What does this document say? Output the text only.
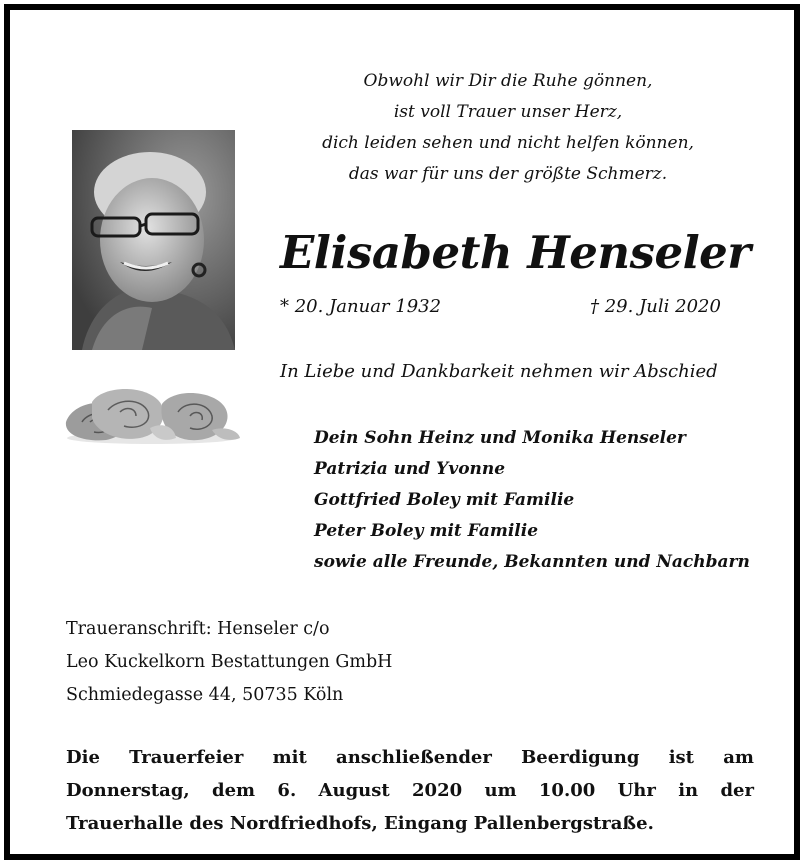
Obwohl wir Dir die Ruhe gönnen,
ist voll Trauer unser Herz,
dich leiden sehen und nicht helfen können,
das war für uns der größte Schmerz.
Elisabeth Henseler
* 20. Januar 1932	† 29. Juli 2020
In Liebe und Dankbarkeit nehmen wir Abschied
Dein Sohn Heinz und Monika Henseler
Patrizia und Yvonne
Gottfried Boley mit Familie
Peter Boley mit Familie
sowie alle Freunde, Bekannten und Nachbarn
Traueranschrift: Henseler c/o
Leo Kuckelkorn Bestattungen GmbH
Schmiedegasse 44, 50735 Köln
Die Trauerfeier mit anschließender Beerdigung ist am
Donnerstag, dem 6. August 2020 um 10.00 Uhr in der
Trauerhalle des Nordfriedhofs, Eingang Pallenbergstraße.
